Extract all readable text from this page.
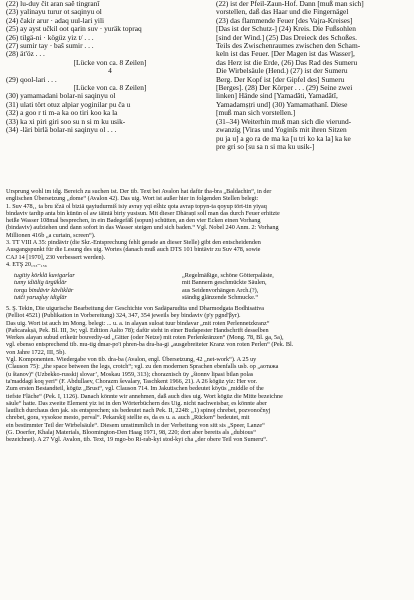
(22) lu-duy čit aran saĕ tingranĭ
(23) yalinayu turur ot saqinyu ol
(24) čakir arur · adaq uul-lari yili
(25) ay ayst učkil oot qarin suv · yuräk topraq
(26) tilgä-ni · kögüz yiz t/ . . .
(27) sumir tay · baš sumir . . .
(28) ät'öz . . .
[Lücke von ca. 8 Zeilen]
4
(29) qool-lari . . .
[Lücke von ca. 8 Zeilen]
(30) yamamadani bolar-ni saqinyu ol
(31) ulati tört otuz alpiar yoginilar pu ča u
(32) a goo r ti m-a ka oo tiri koo ka la
(33) ka xi piri giri soo su n si m ku usik-
(34) -läri birlä bolar-ni saqinyu ol . . .
(22) ist der Pfeil-Zaun-Hof. Dann [muß man sich]
vorstellen, daß das Haar und die Fingernägel
(23) das flammende Feuer [des Vajra-Kreises]
[Das ist der Schutz-] (24) Kreis. Die Fußsohlen
[sind der Wind.] (25) Das Dreieck des Schoßes.
Teils des Zwischenraumes zwischen den Scham-
keln ist das Feuer. [Der Magen ist das Wasser],
das Herz ist die Erde, (26) Das Rad des Sumeru
Die Wirbelsäule (Hend.) (27) ist der Sumeru
Berg. Der Kopf ist [der Gipfel des] Sumeru
[Berges]. (28) Der Körper . . . (29) Seine zwei
linken] Hände sind [Yamadāti, Yamadātī,
Yamadamṣṭri und] (30) Yamamathanī. Diese
[muß man sich vorstellen.]
(31–34) Weiterhin muß man sich die vierund-
zwanzig [Viras und Yoginīs mit ihren Sitzen
pu ja u] a go ra de ma ka [u tri ko ka la] ka ke
pre gri so [su sa n si ma ku usik-]
Ursprung wohl im idg. Bereich zu suchen ist. Der tib. Text bei Avalon hat dafür tha-bra „Baldachin“, in der
englischen Übersetzung „dome“ (Avalon 42). Das uig. Wort ist außer hier in folgenden Stellen belegt:
1. Suv 478₁₁ ta bru ičzä ol biziä qayiudurmiš isiy avray yqi ešhiz qota avrap topyn-ta qoyup tört-tin yiyaq
bindaviv tardip anta bin künün ol aw iäintä biriy yusisun. Mit dieser Dhāraṇī soll man das durch Feuer erhitzte
heiße Wasser 108mal besprechen, in ein Badegefäß (sopun) schütten, an den vier Ecken einen Vorhang
(bindaviv) aufziehen und dann sofort in das Wasser steigen und sich baden.“ Vgl. Nobel 240 Anm. 2: Vorhang
Millionen 416b „a curtain, screen“).
3. TT VIII A 35: pindävir (die Skr.-Entsprechung fehlt gerade an dieser Stelle) gibt den entscheidenden
Ausgangspunkt für die Lesung des uig. Wortes (danach muß auch DTS 101 bintävir zu Suv 478, sowie
CAJ 14 [1970], 230 verbessert werden).
4. ETŞ 20₁₅₃–₁₅₆
tugitiy körklä kuvigarlar	„Regelmäßige, schöne Götterpaläste,
tumy idiälig ürgüklär	mit Bannern geschmückte Säulen,
torqu bindävir kävliklär	aus Seidenvorhängen Arch.(?),
tutči yaruqluy idiglär	ständig glänzende Schmucke.“
5. Ş. Tekin, Die uigurische Bearbeitung der Geschichte von Sadāparuditа und Dharmodgata Bodhisattva
(Pelliot 4521) (Publikation in Vorbereitung) 324, 347, 354 jeweils bey bindaviv (p'y pgnd'βyr).
Das uig. Wort ist auch im Mong. belegt: ... u. a. in alayan suloat tuur bindavar „mit roten Perlennetzkranz“
(Pañcarakṣā, Pek. Bl. III, 3v; vgl. Edition Aalto 78); dafür steht in einer Budapester Handschrift desselben
Werkes alayan subud erikeür bouvediy-ud „Gitter (oder Netze) mit roten Perlenkränzen“ (Mong. 78, Bl. ga, 5a),
vgl. ebenso entsprechend tib. mu-tig dmar-po'i phren-ba dra-ba-gi „ausgebreiteter Kranz von roten Perlen“ (Pek. Bl.
von Jahre 1722, III, 5b).
Vgl. Komponenten. Wiedergabe von tib. dra-ba (Avalon, engl. Übersetzung, 42 „net-work“). A 25 uy
(Clauson 75): „the space between the legs, crotch“; vgl. zu den modernen Sprachen ebenfalls usb. ор „aoтaжа
(u štanov)“ (Uzbekko-russkij slovar’, Moskau 1959, 313); choraznisch üy „štonnv lipasi bilan polas
ta'maddagi koq yeri“ (F. Abdullaev, Chorazm ševalary, Taschkent 1966, 21). A 26 kögüz yiz: Her vor.
Zum ersten Bestandteil, kögüz „Brust“, vgl. Clauson 714. Im Jakutischen bedeutet köyüs „middle of the
tiefste Fläche“ (Pek. I, 1126). Danach könnte wir annehmen, daß auch dies uig. Wort kögüz die Mitte bezeichne
säule“ hatte. Das zweite Element yiz ist in den Wörterbüchern des Uig. nicht nachweisbar, es könnte aber
lautlich durchaus den jak. sis entsprechen; sis bedeutet nach Pek. II, 2248: „1) spinoj chrebet, pozvonočnyj
chrebet, gora, vysokoe mesto, perval“. Pekarskij stellte es, da es u. a. auch „Rücken“ bedeutet, mit
ein bestimmter Teil der Wirbelsäule“. Diesem umstimmlich in der Verbeitung von sitt sis „Speer, Lanze“
(G. Doerfer, Khalaj Materials, Bloomington-Den Haag 1971, 98, 220; dort aber bereits als „dubious“
bezeichnet). A 27 Vgl. Avalon, tib. Text, 19 mgo-bo Ri-rab-kyi stod-kyi cha „der obere Teil von Sumeru“.
